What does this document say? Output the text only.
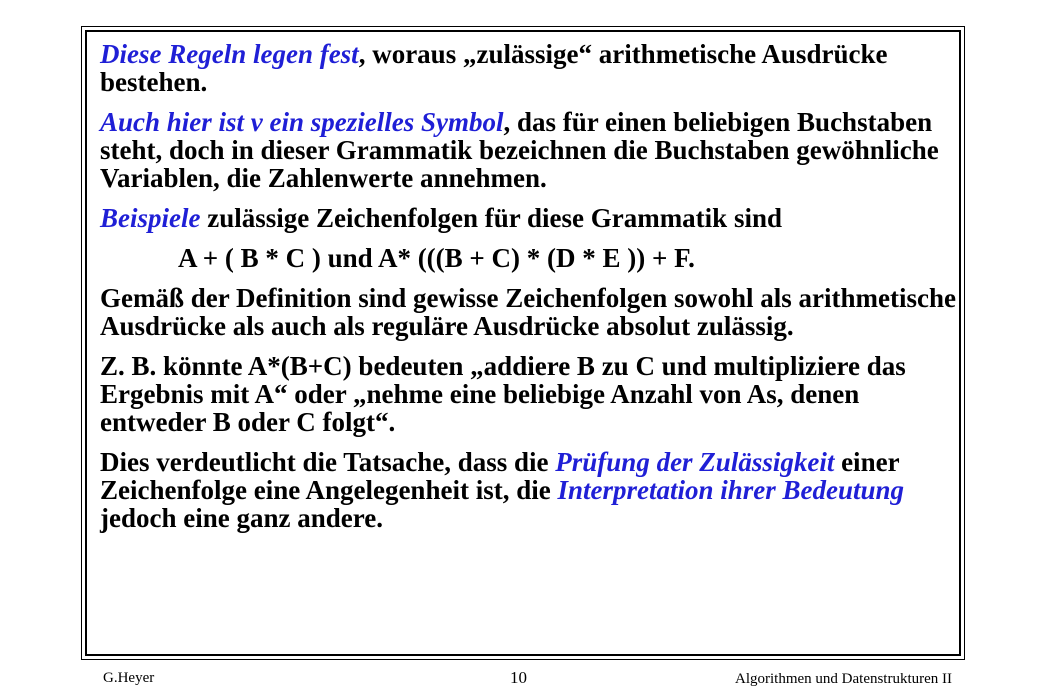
Diese Regeln legen fest, woraus „zulässige“ arithmetische Ausdrücke bestehen.

Auch hier ist v ein spezielles Symbol, das für einen beliebigen Buchstaben steht, doch in dieser Grammatik bezeichnen die Buchstaben gewöhnliche Variablen, die Zahlenwerte annehmen.

Beispiele zulässige Zeichenfolgen für diese Grammatik sind

A + ( B * C ) und A* (((B + C) * (D * E )) + F.

Gemäß der Definition sind gewisse Zeichenfolgen sowohl als arithmetische Ausdrücke als auch als reguläre Ausdrücke absolut zulässig.

Z. B. könnte A*(B+C) bedeuten „addiere B zu C und multipliziere das Ergebnis mit A“ oder „nehme eine beliebige Anzahl von As, denen entweder B oder C folgt“.

Dies verdeutlicht die Tatsache, dass die Prüfung der Zulässigkeit einer Zeichenfolge eine Angelegenheit ist, die Interpretation ihrer Bedeutung jedoch eine ganz andere.

G.Heyer	10	Algorithmen und Datenstrukturen II
